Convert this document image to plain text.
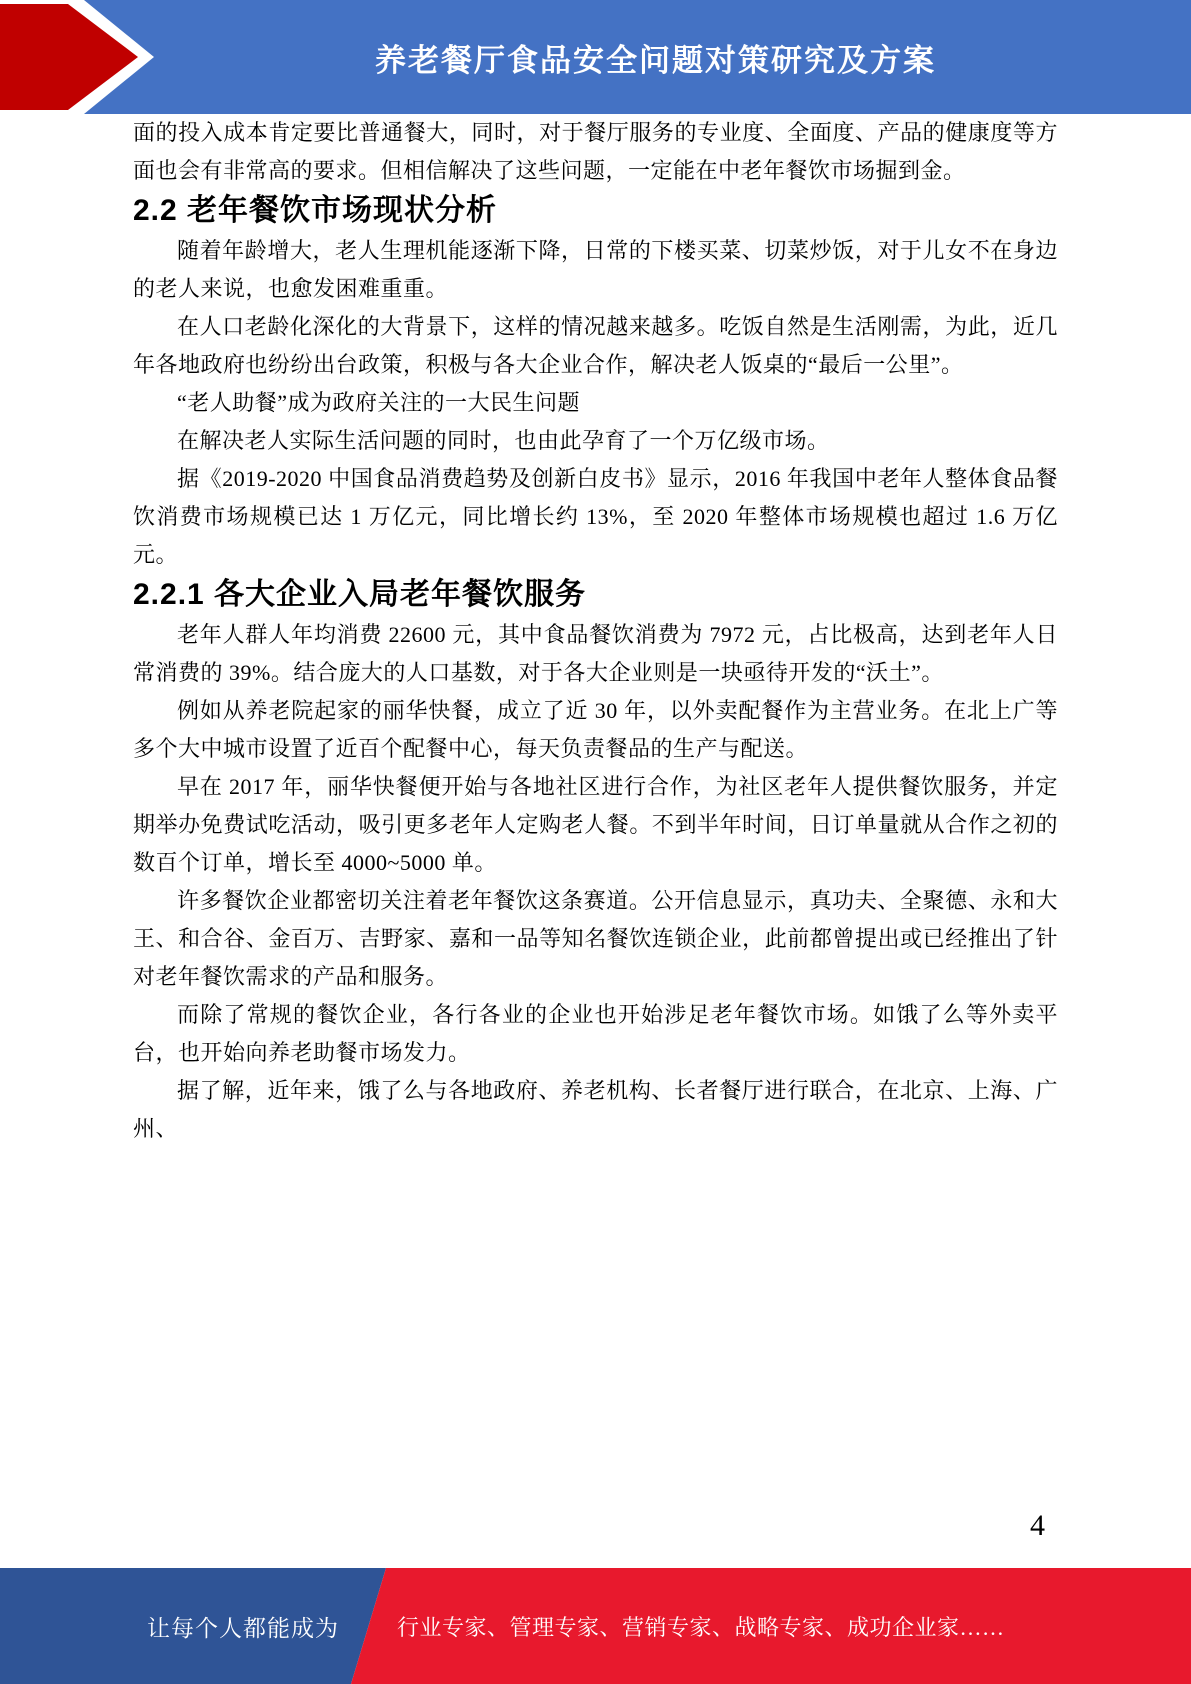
养老餐厅食品安全问题对策研究及方案

面的投入成本肯定要比普通餐大，同时，对于餐厅服务的专业度、全面度、产品的健康度等方面也会有非常高的要求。但相信解决了这些问题，一定能在中老年餐饮市场掘到金。

2.2 老年餐饮市场现状分析

随着年龄增大，老人生理机能逐渐下降，日常的下楼买菜、切菜炒饭，对于儿女不在身边的老人来说，也愈发困难重重。

在人口老龄化深化的大背景下，这样的情况越来越多。吃饭自然是生活刚需，为此，近几年各地政府也纷纷出台政策，积极与各大企业合作，解决老人饭桌的“最后一公里”。

“老人助餐”成为政府关注的一大民生问题

在解决老人实际生活问题的同时，也由此孕育了一个万亿级市场。

据《2019-2020 中国食品消费趋势及创新白皮书》显示，2016 年我国中老年人整体食品餐饮消费市场规模已达 1 万亿元，同比增长约 13%，至 2020 年整体市场规模也超过 1.6 万亿元。

2.2.1 各大企业入局老年餐饮服务

老年人群人年均消费 22600 元，其中食品餐饮消费为 7972 元，占比极高，达到老年人日常消费的 39%。结合庞大的人口基数，对于各大企业则是一块亟待开发的“沃土”。

例如从养老院起家的丽华快餐，成立了近 30 年，以外卖配餐作为主营业务。在北上广等多个大中城市设置了近百个配餐中心，每天负责餐品的生产与配送。

早在 2017 年，丽华快餐便开始与各地社区进行合作，为社区老年人提供餐饮服务，并定期举办免费试吃活动，吸引更多老年人定购老人餐。不到半年时间，日订单量就从合作之初的数百个订单，增长至 4000~5000 单。

许多餐饮企业都密切关注着老年餐饮这条赛道。公开信息显示，真功夫、全聚德、永和大王、和合谷、金百万、吉野家、嘉和一品等知名餐饮连锁企业，此前都曾提出或已经推出了针对老年餐饮需求的产品和服务。

而除了常规的餐饮企业，各行各业的企业也开始涉足老年餐饮市场。如饿了么等外卖平台，也开始向养老助餐市场发力。

据了解，近年来，饿了么与各地政府、养老机构、长者餐厅进行联合，在北京、上海、广州、

4
让每个人都能成为	行业专家、管理专家、营销专家、战略专家、成功企业家……
